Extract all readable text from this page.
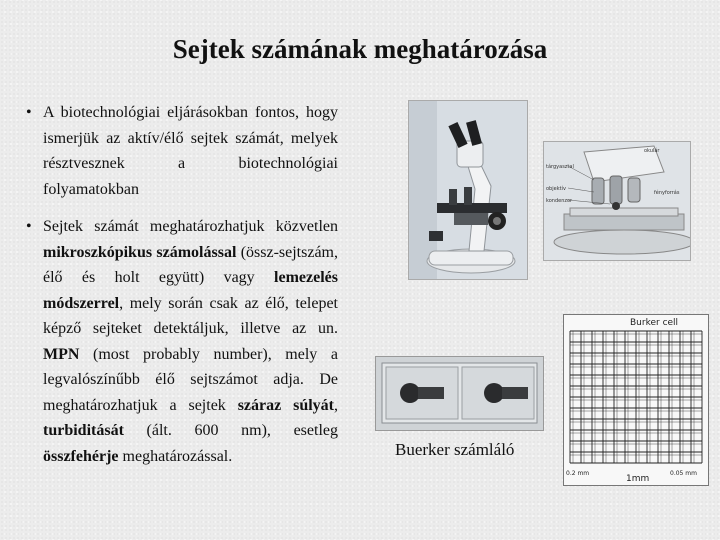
Sejtek számának meghatározása
• A biotechnológiai eljárásokban fontos, hogy ismerjük az aktív/élő sejtek számát, melyek résztvesznek a biotechnológiai folyamatokban
• Sejtek számát meghatározhatjuk közvetlen mikroszkópikus számolással (össz-sejtszám, élő és holt együtt) vagy lemezelés módszerrel, mely során csak az élő, telepet képző sejteket detektáljuk, illetve az un. MPN (most probably number), mely a legvalószínűbb élő sejtszámot adja. De meghatározhatjuk a sejtek száraz súlyát, turbiditását (ált. 600 nm), esetleg összfehérje meghatározással.
okulár
tárgyasztal
objektív
kondenzor
fényforrás
Burker cell
0.2 mm
1mm
0.05 mm
Buerker számláló
